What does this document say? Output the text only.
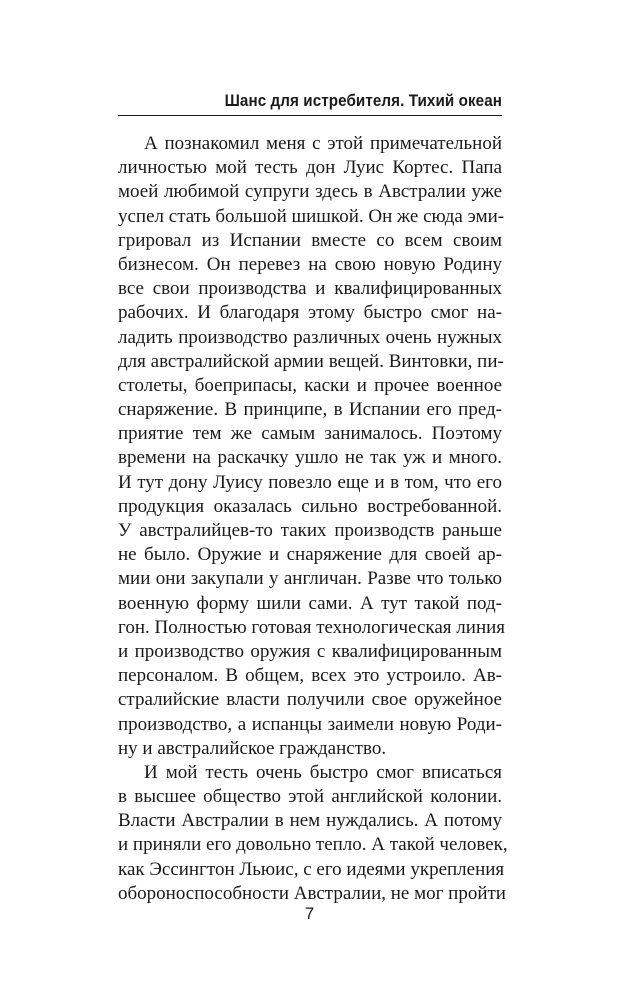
Шанс для истребителя. Тихий океан
А познакомил меня с этой примечательной
личностью мой тесть дон Луис Кортес. Папа
моей любимой супруги здесь в Австралии уже
успел стать большой шишкой. Он же сюда эми-
грировал из Испании вместе со всем своим
бизнесом. Он перевез на свою новую Родину
все свои производства и квалифицированных
рабочих. И благодаря этому быстро смог на-
ладить производство различных очень нужных
для австралийской армии вещей. Винтовки, пи-
столеты, боеприпасы, каски и прочее военное
снаряжение. В принципе, в Испании его пред-
приятие тем же самым занималось. Поэтому
времени на раскачку ушло не так уж и много.
И тут дону Луису повезло еще и в том, что его
продукция оказалась сильно востребованной.
У австралийцев-то таких производств раньше
не было. Оружие и снаряжение для своей ар-
мии они закупали у англичан. Разве что только
военную форму шили сами. А тут такой под-
гон. Полностью готовая технологическая линия
и производство оружия с квалифицированным
персоналом. В общем, всех это устроило. Ав-
стралийские власти получили свое оружейное
производство, а испанцы заимели новую Роди-
ну и австралийское гражданство.
И мой тесть очень быстро смог вписаться
в высшее общество этой английской колонии.
Власти Австралии в нем нуждались. А потому
и приняли его довольно тепло. А такой человек,
как Эссингтон Льюис, с его идеями укрепления
обороноспособности Австралии, не мог пройти
7
